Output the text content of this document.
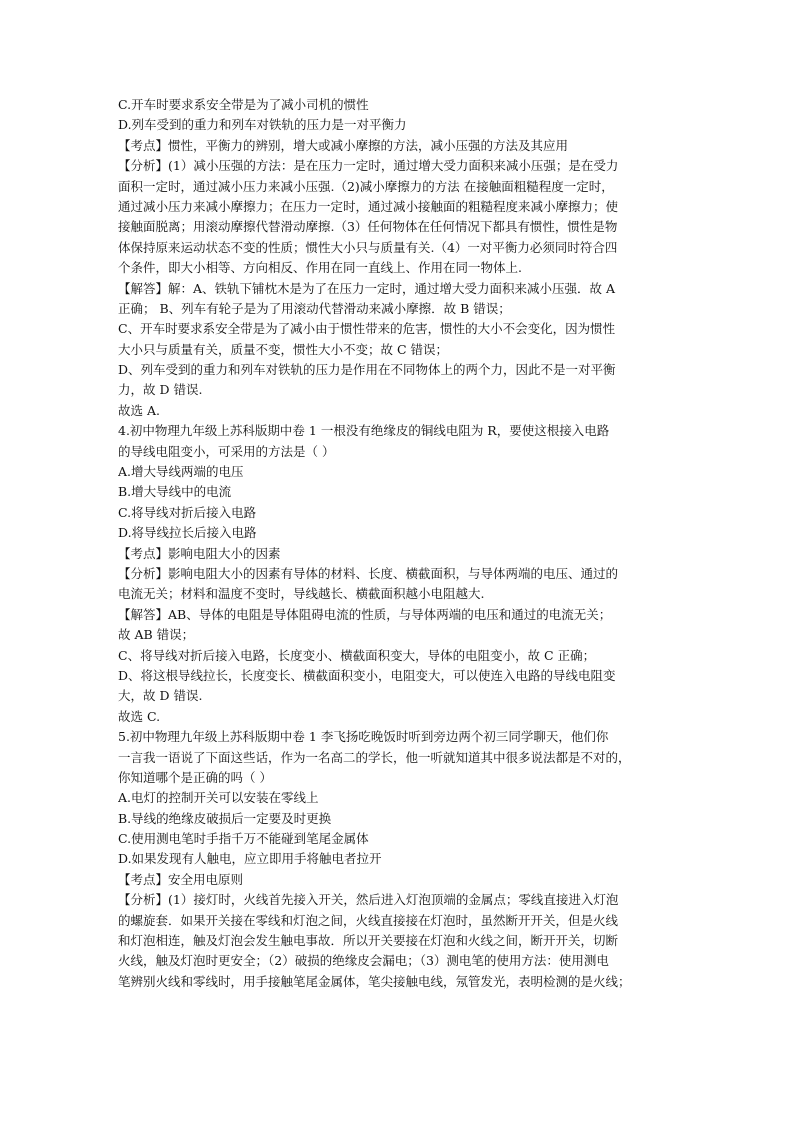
C.开车时要求系安全带是为了减小司机的惯性
D.列车受到的重力和列车对铁轨的压力是一对平衡力
【考点】惯性，平衡力的辨别，增大或减小摩擦的方法，减小压强的方法及其应用
【分析】(1）减小压强的方法：是在压力一定时，通过增大受力面积来减小压强；是在受力
面积一定时，通过减小压力来减小压强.（2)减小摩擦力的方法 在接触面粗糙程度一定时，
通过减小压力来减小摩擦力；在压力一定时，通过减小接触面的粗糙程度来减小摩擦力；使
接触面脱离；用滚动摩擦代替滑动摩擦.（3）任何物体在任何情况下都具有惯性，惯性是物
体保持原来运动状态不变的性质；惯性大小只与质量有关.（4）一对平衡力必须同时符合四
个条件，即大小相等、方向相反、作用在同一直线上、作用在同一物体上.
【解答】解：A、铁轨下铺枕木是为了在压力一定时，通过增大受力面积来减小压强．故 A
正确； B、列车有轮子是为了用滚动代替滑动来减小摩擦．故 B 错误；
C、开车时要求系安全带是为了减小由于惯性带来的危害，惯性的大小不会变化，因为惯性
大小只与质量有关，质量不变，惯性大小不变；故 C 错误；
D、列车受到的重力和列车对铁轨的压力是作用在不同物体上的两个力，因此不是一对平衡
力，故 D 错误.
故选 A.
4.初中物理九年级上苏科版期中卷 1 一根没有绝缘皮的铜线电阻为 R，要使这根接入电路
的导线电阻变小，可采用的方法是（ ）
A.增大导线两端的电压
B.增大导线中的电流
C.将导线对折后接入电路
D.将导线拉长后接入电路
【考点】影响电阻大小的因素
【分析】影响电阻大小的因素有导体的材料、长度、横截面积，与导体两端的电压、通过的
电流无关；材料和温度不变时，导线越长、横截面积越小电阻越大.
【解答】AB、导体的电阻是导体阻碍电流的性质，与导体两端的电压和通过的电流无关；
故 AB 错误；
C、将导线对折后接入电路，长度变小、横截面积变大，导体的电阻变小，故 C 正确；
D、将这根导线拉长，长度变长、横截面积变小，电阻变大，可以使连入电路的导线电阻变
大，故 D 错误.
故选 C.
5.初中物理九年级上苏科版期中卷 1 李飞扬吃晚饭时听到旁边两个初三同学聊天，他们你
一言我一语说了下面这些话，作为一名高二的学长，他一听就知道其中很多说法都是不对的，
你知道哪个是正确的吗（ ）
A.电灯的控制开关可以安装在零线上
B.导线的绝缘皮破损后一定要及时更换
C.使用测电笔时手指千万不能碰到笔尾金属体
D.如果发现有人触电，应立即用手将触电者拉开
【考点】安全用电原则
【分析】(1）接灯时，火线首先接入开关，然后进入灯泡顶端的金属点；零线直接进入灯泡
的螺旋套．如果开关接在零线和灯泡之间，火线直接接在灯泡时，虽然断开开关，但是火线
和灯泡相连，触及灯泡会发生触电事故．所以开关要接在灯泡和火线之间，断开开关，切断
火线，触及灯泡时更安全；（2）破损的绝缘皮会漏电；（3）测电笔的使用方法：使用测电
笔辨别火线和零线时，用手接触笔尾金属体，笔尖接触电线，氖管发光，表明检测的是火线；
